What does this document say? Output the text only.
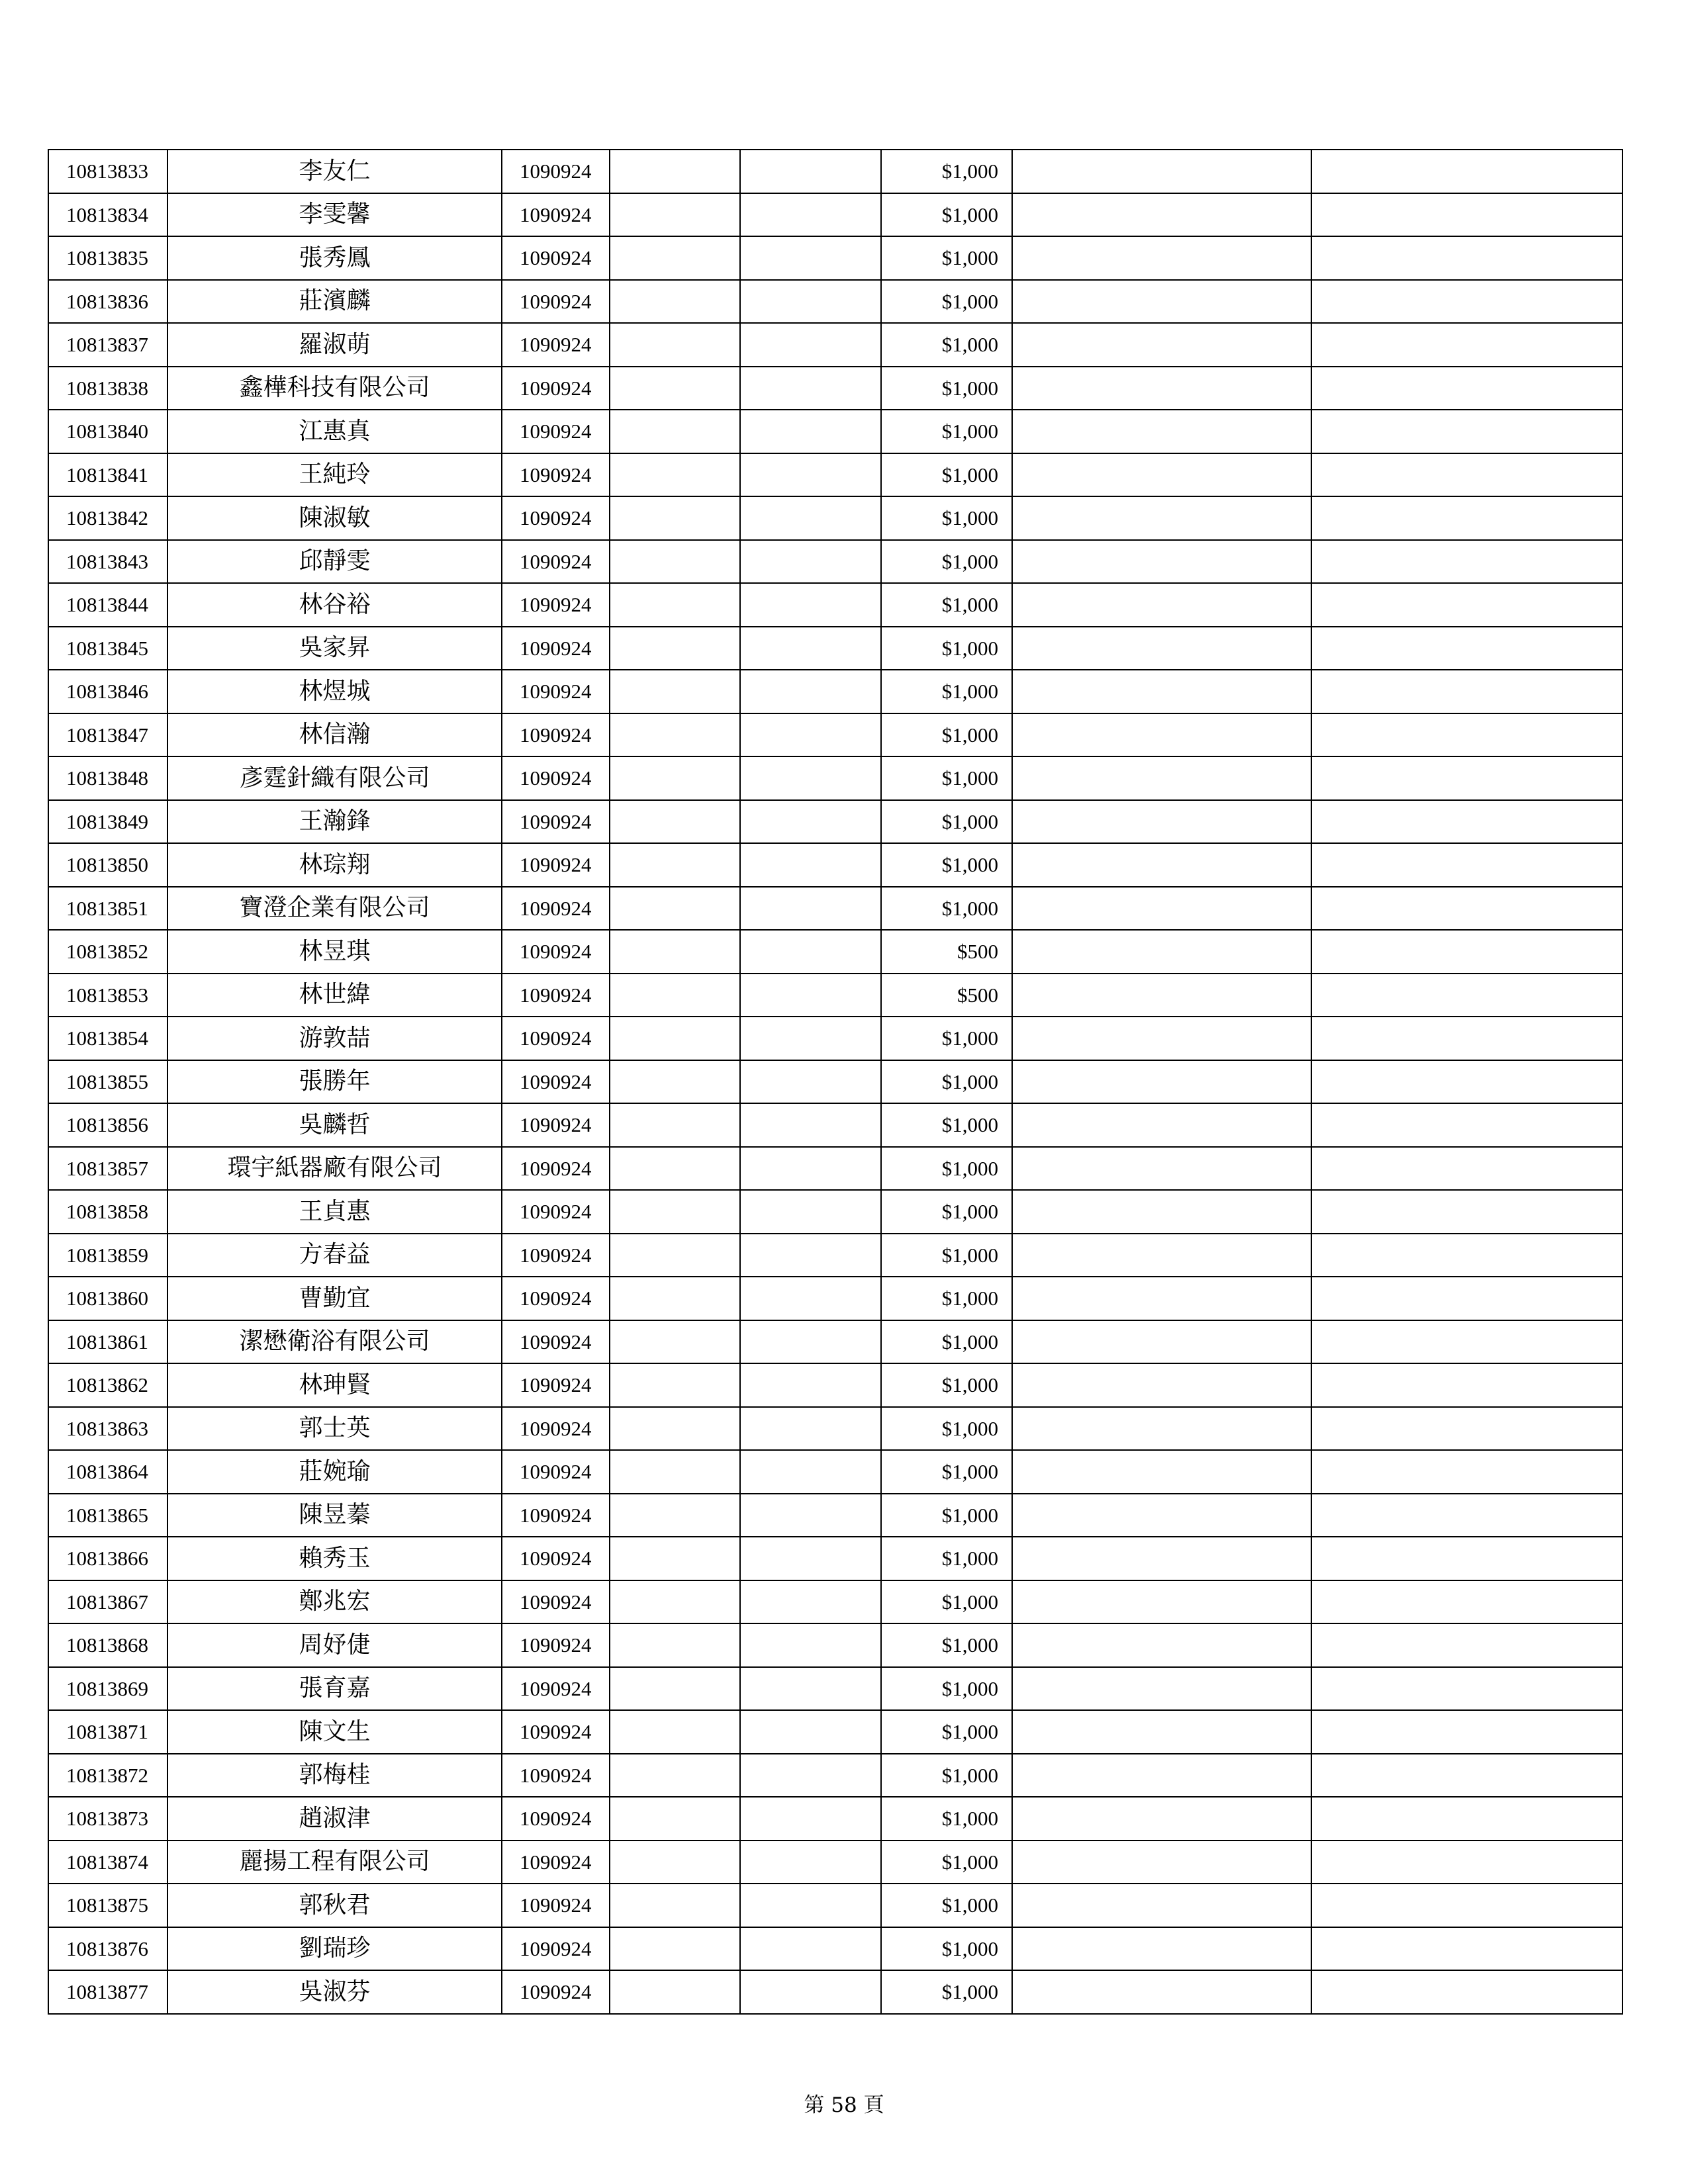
10813833	李友仁	1090924			$1,000		
10813834	李雯馨	1090924			$1,000		
10813835	張秀鳳	1090924			$1,000		
10813836	莊濱麟	1090924			$1,000		
10813837	羅淑萌	1090924			$1,000		
10813838	鑫樺科技有限公司	1090924			$1,000		
10813840	江惠真	1090924			$1,000		
10813841	王純玲	1090924			$1,000		
10813842	陳淑敏	1090924			$1,000		
10813843	邱靜雯	1090924			$1,000		
10813844	林谷裕	1090924			$1,000		
10813845	吳家昇	1090924			$1,000		
10813846	林煜城	1090924			$1,000		
10813847	林信瀚	1090924			$1,000		
10813848	彥霆針織有限公司	1090924			$1,000		
10813849	王瀚鋒	1090924			$1,000		
10813850	林琮翔	1090924			$1,000		
10813851	寶澄企業有限公司	1090924			$1,000		
10813852	林昱琪	1090924			$500		
10813853	林世緯	1090924			$500		
10813854	游敦喆	1090924			$1,000		
10813855	張勝年	1090924			$1,000		
10813856	吳麟哲	1090924			$1,000		
10813857	環宇紙器廠有限公司	1090924			$1,000		
10813858	王貞惠	1090924			$1,000		
10813859	方春益	1090924			$1,000		
10813860	曹勤宜	1090924			$1,000		
10813861	潔懋衛浴有限公司	1090924			$1,000		
10813862	林珅賢	1090924			$1,000		
10813863	郭士英	1090924			$1,000		
10813864	莊婉瑜	1090924			$1,000		
10813865	陳昱蓁	1090924			$1,000		
10813866	賴秀玉	1090924			$1,000		
10813867	鄭兆宏	1090924			$1,000		
10813868	周妤倢	1090924			$1,000		
10813869	張育嘉	1090924			$1,000		
10813871	陳文生	1090924			$1,000		
10813872	郭梅桂	1090924			$1,000		
10813873	趙淑津	1090924			$1,000		
10813874	麗揚工程有限公司	1090924			$1,000		
10813875	郭秋君	1090924			$1,000		
10813876	劉瑞珍	1090924			$1,000		
10813877	吳淑芬	1090924			$1,000		
第 58 頁
